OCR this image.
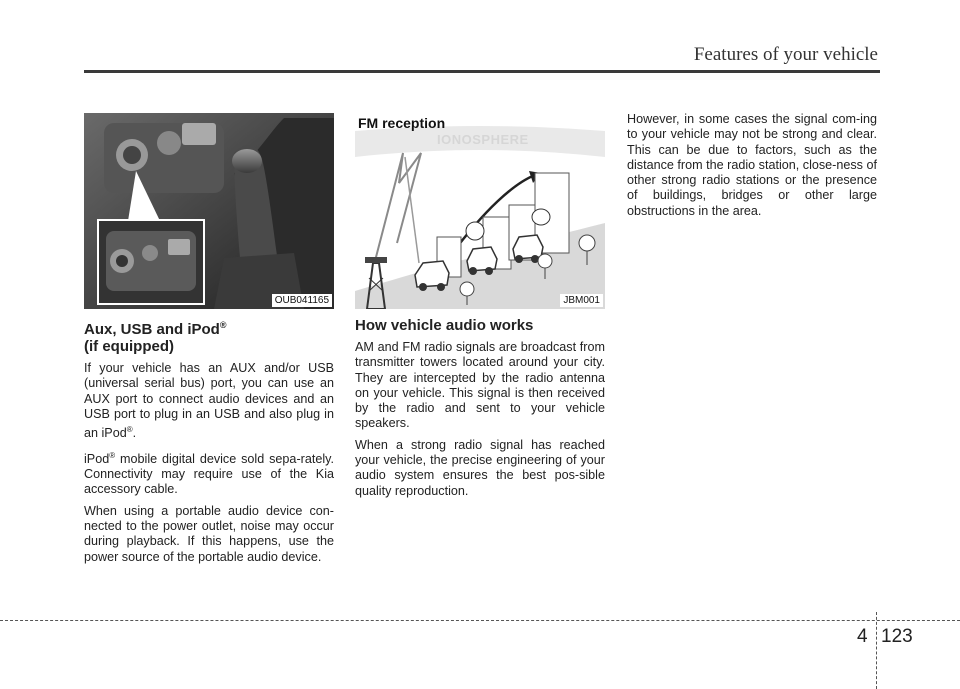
Features of your vehicle
OUB041165
Aux, USB and iPod®
(if equipped)

If your vehicle has an AUX and/or USB (universal serial bus) port, you can use an AUX port to connect audio devices and an USB port to plug in an USB and also plug in an iPod®.

iPod® mobile digital device sold sepa-rately. Connectivity may require use of the Kia accessory cable.

When using a portable audio device con-nected to the power outlet, noise may occur during playback. If this happens, use the power source of the portable audio device.

FM reception
IONOSPHERE
JBM001
How vehicle audio works

AM and FM radio signals are broadcast from transmitter towers located around your city. They are intercepted by the radio antenna on your vehicle. This signal is then received by the radio and sent to your vehicle speakers.

When a strong radio signal has reached your vehicle, the precise engineering of your audio system ensures the best pos-sible quality reproduction.

However, in some cases the signal com-ing to your vehicle may not be strong and clear. This can be due to factors, such as the distance from the radio station, close-ness of other strong radio stations or the presence of buildings, bridges or other large obstructions in the area.

4 123
